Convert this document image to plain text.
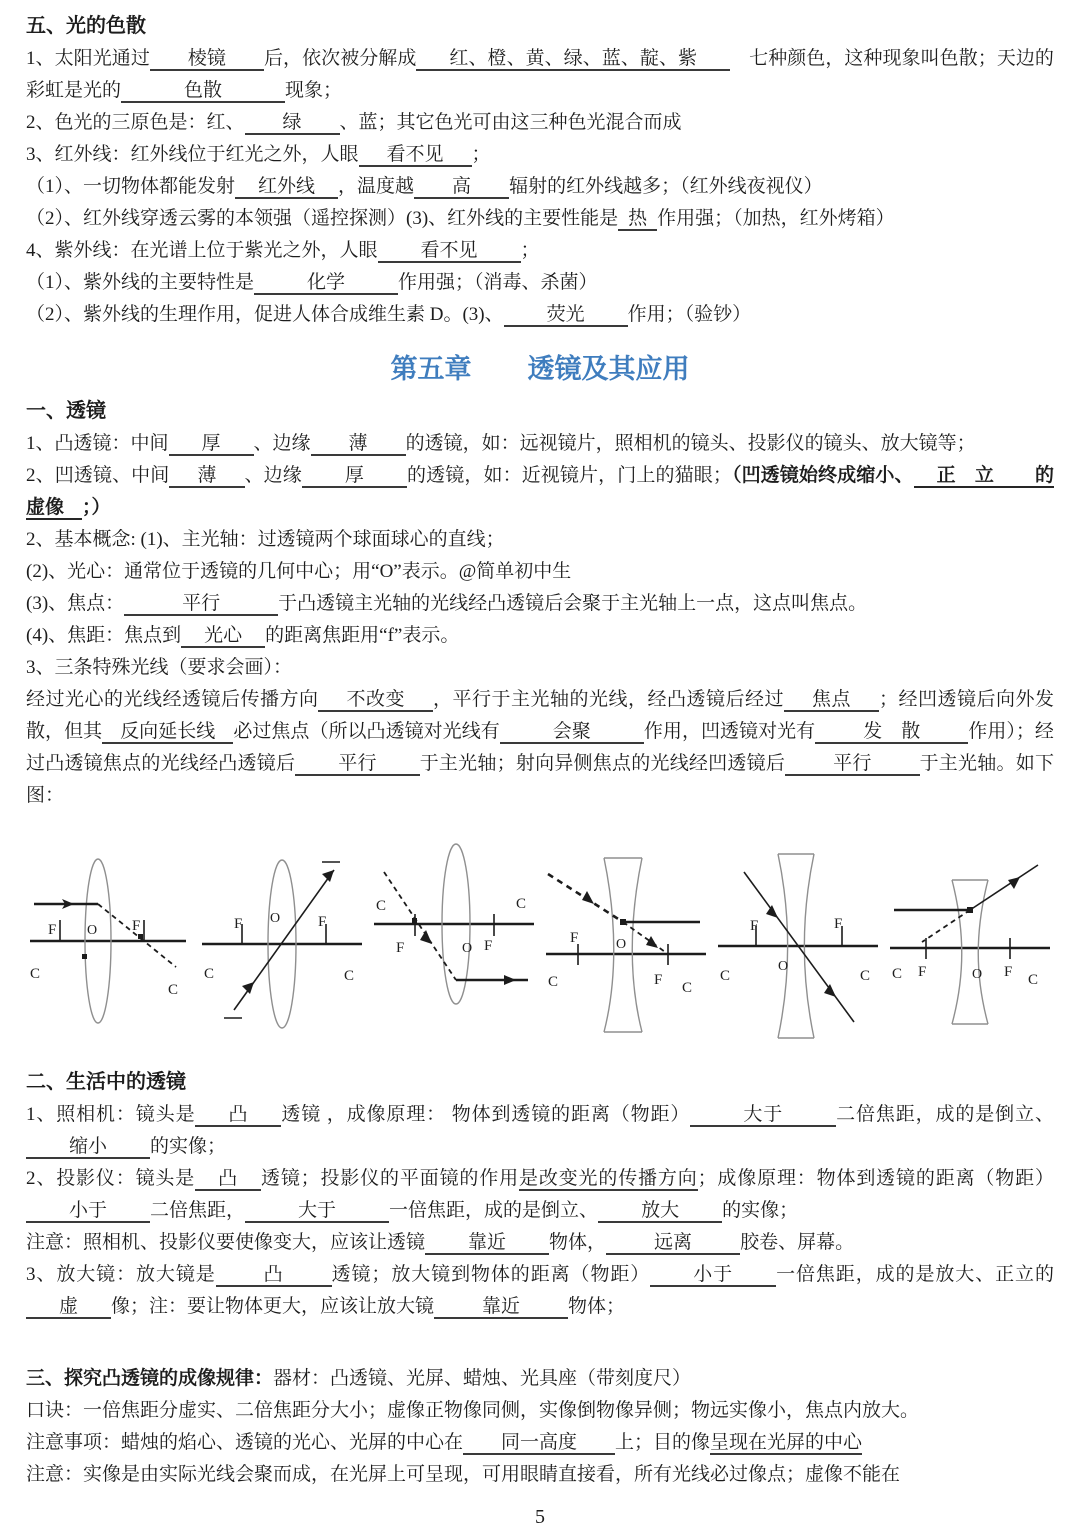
五、光的色散
1、太阳光通过 棱镜 后，依次被分解成 红、橙、黄、绿、蓝、靛、紫　七种颜色，这种现象叫色散；天边的彩虹是光的	色散	现象；
2、色光的三原色是：红、 绿 、蓝；其它色光可由这三种色光混合而成
3、红外线：红外线位于红光之外，人眼 看不见 ；
（1）、一切物体都能发射 红外线 ，温度越 高 辐射的红外线越多；（红外线夜视仪）
（2）、红外线穿透云雾的本领强（遥控探测）(3)、红外线的主要性能是 热 作用强；（加热，红外烤箱）
4、紫外线：在光谱上位于紫光之外，人眼 看不见 ；
（1）、紫外线的主要特性是	化学	作用强；（消毒、杀菌）
（2）、紫外线的生理作用，促进人体合成维生素 D。(3)、 荧光 作用；（验钞）
第五章 透镜及其应用
一、透镜
1、凸透镜：中间 厚 、边缘 薄 的透镜，如：远视镜片，照相机的镜头、投影仪的镜头、放大镜等；
2、凹透镜、中间 薄 、边缘 厚 的透镜，如：近视镜片，门上的猫眼；（凹透镜始终成缩小、 正　立 的虚像 ；）
2、基本概念: (1)、主光轴：过透镜两个球面球心的直线；
(2)、光心：通常位于透镜的几何中心；用“O”表示。@简单初中生
(3)、焦点：	平行	于凸透镜主光轴的光线经凸透镜后会聚于主光轴上一点，这点叫焦点。
(4)、焦距：焦点到 光心 的距离焦距用“f”表示。
3、三条特殊光线（要求会画）：
经过光心的光线经透镜后传播方向 不改变 ，平行于主光轴的光线，经凸透镜后经过 焦点 ；经凹透镜后向外发散，但其 反向延长线 必过焦点（所以凸透镜对光线有	会聚	作用，凹透镜对光有	发　散	作用）；经过凸透镜焦点的光线经凸透镜后 平行 于主光轴；射向异侧焦点的光线经凹透镜后	平行	于主光轴。如下图：
F	F
C
C
O	F	F
C	C
O
C	C
F	F
O
F
C	F C
O
F	F
C	C
O	C F	O F C
二、生活中的透镜
1、照相机：镜头是 凸 透镜 ，成像原理： 物体到透镜的距离（物距）	大于	二倍焦距，成的是倒立、缩小 的实像；
2、投影仪：镜头是 凸 透镜；投影仪的平面镜的作用是改变光的传播方向；成像原理：物体到透镜的距离（物距）小于 二倍焦距，	大于	一倍焦距，成的是倒立、 放大 的实像；
注意：照相机、投影仪要使像变大，应该让透镜 靠近 物体，	远离	胶卷、屏幕。
3、放大镜：放大镜是	凸	透镜；放大镜到物体的距离（物距） 小于 一倍焦距，成的是放大、正立的虚 像；注：要让物体更大，应该让放大镜	靠近	物体；
三、探究凸透镜的成像规律：器材：凸透镜、光屏、蜡烛、光具座（带刻度尺）
口诀：一倍焦距分虚实、二倍焦距分大小；虚像正物像同侧，实像倒物像异侧；物远实像小，焦点内放大。
注意事项：蜡烛的焰心、透镜的光心、光屏的中心在 同一高度 上；目的像呈现在光屏的中心
注意：实像是由实际光线会聚而成，在光屏上可呈现，可用眼睛直接看，所有光线必过像点；虚像不能在
5
